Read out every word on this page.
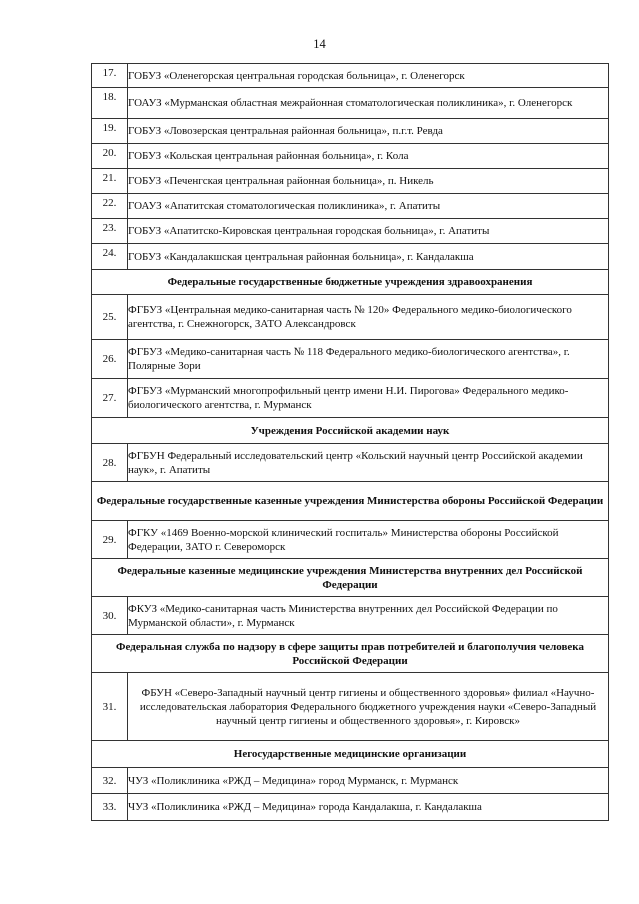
14
17.	ГОБУЗ «Оленегорская центральная городская больница», г. Оленегорск
18.	ГОАУЗ «Мурманская областная межрайонная стоматологическая поликлиника», г. Оленегорск
19.	ГОБУЗ «Ловозерская центральная районная больница», п.г.т. Ревда
20.	ГОБУЗ «Кольская центральная районная больница», г. Кола
21.	ГОБУЗ «Печенгская центральная районная больница», п. Никель
22.	ГОАУЗ «Апатитская стоматологическая поликлиника», г. Апатиты
23.	ГОБУЗ «Апатитско-Кировская центральная городская больница», г. Апатиты
24.	ГОБУЗ «Кандалакшская центральная районная больница», г. Кандалакша
Федеральные государственные бюджетные учреждения здравоохранения	
25.	ФГБУЗ «Центральная медико-санитарная часть № 120» Федерального медико-биологического агентства, г. Снежногорск, ЗАТО Александровск
26.	ФГБУЗ «Медико-санитарная часть № 118 Федерального медико-биологического агентства», г. Полярные Зори
27.	ФГБУЗ «Мурманский многопрофильный центр имени Н.И. Пирогова» Федерального медико-биологического агентства, г. Мурманск
Учреждения Российской академии наук	
28.	ФГБУН Федеральный исследовательский центр «Кольский научный центр Российской академии наук», г. Апатиты
Федеральные государственные казенные учреждения Министерства обороны Российской Федерации	
29.	ФГКУ «1469 Военно-морской клинический госпиталь» Министерства обороны Российской Федерации, ЗАТО г. Североморск
Федеральные казенные медицинские учреждения Министерства внутренних дел Российской Федерации	
30.	ФКУЗ «Медико-санитарная часть Министерства внутренних дел Российской Федерации по Мурманской области», г. Мурманск
Федеральная служба по надзору в сфере защиты прав потребителей и благополучия человека Российской Федерации	
31.	ФБУН «Северо-Западный научный центр гигиены и общественного здоровья» филиал «Научно-исследовательская лаборатория Федерального бюджетного учреждения науки «Северо-Западный научный центр гигиены и общественного здоровья», г. Кировск»
Негосударственные медицинские организации	
32.	ЧУЗ «Поликлиника «РЖД – Медицина» город Мурманск, г. Мурманск
33.	ЧУЗ «Поликлиника «РЖД – Медицина» города Кандалакша, г. Кандалакша
